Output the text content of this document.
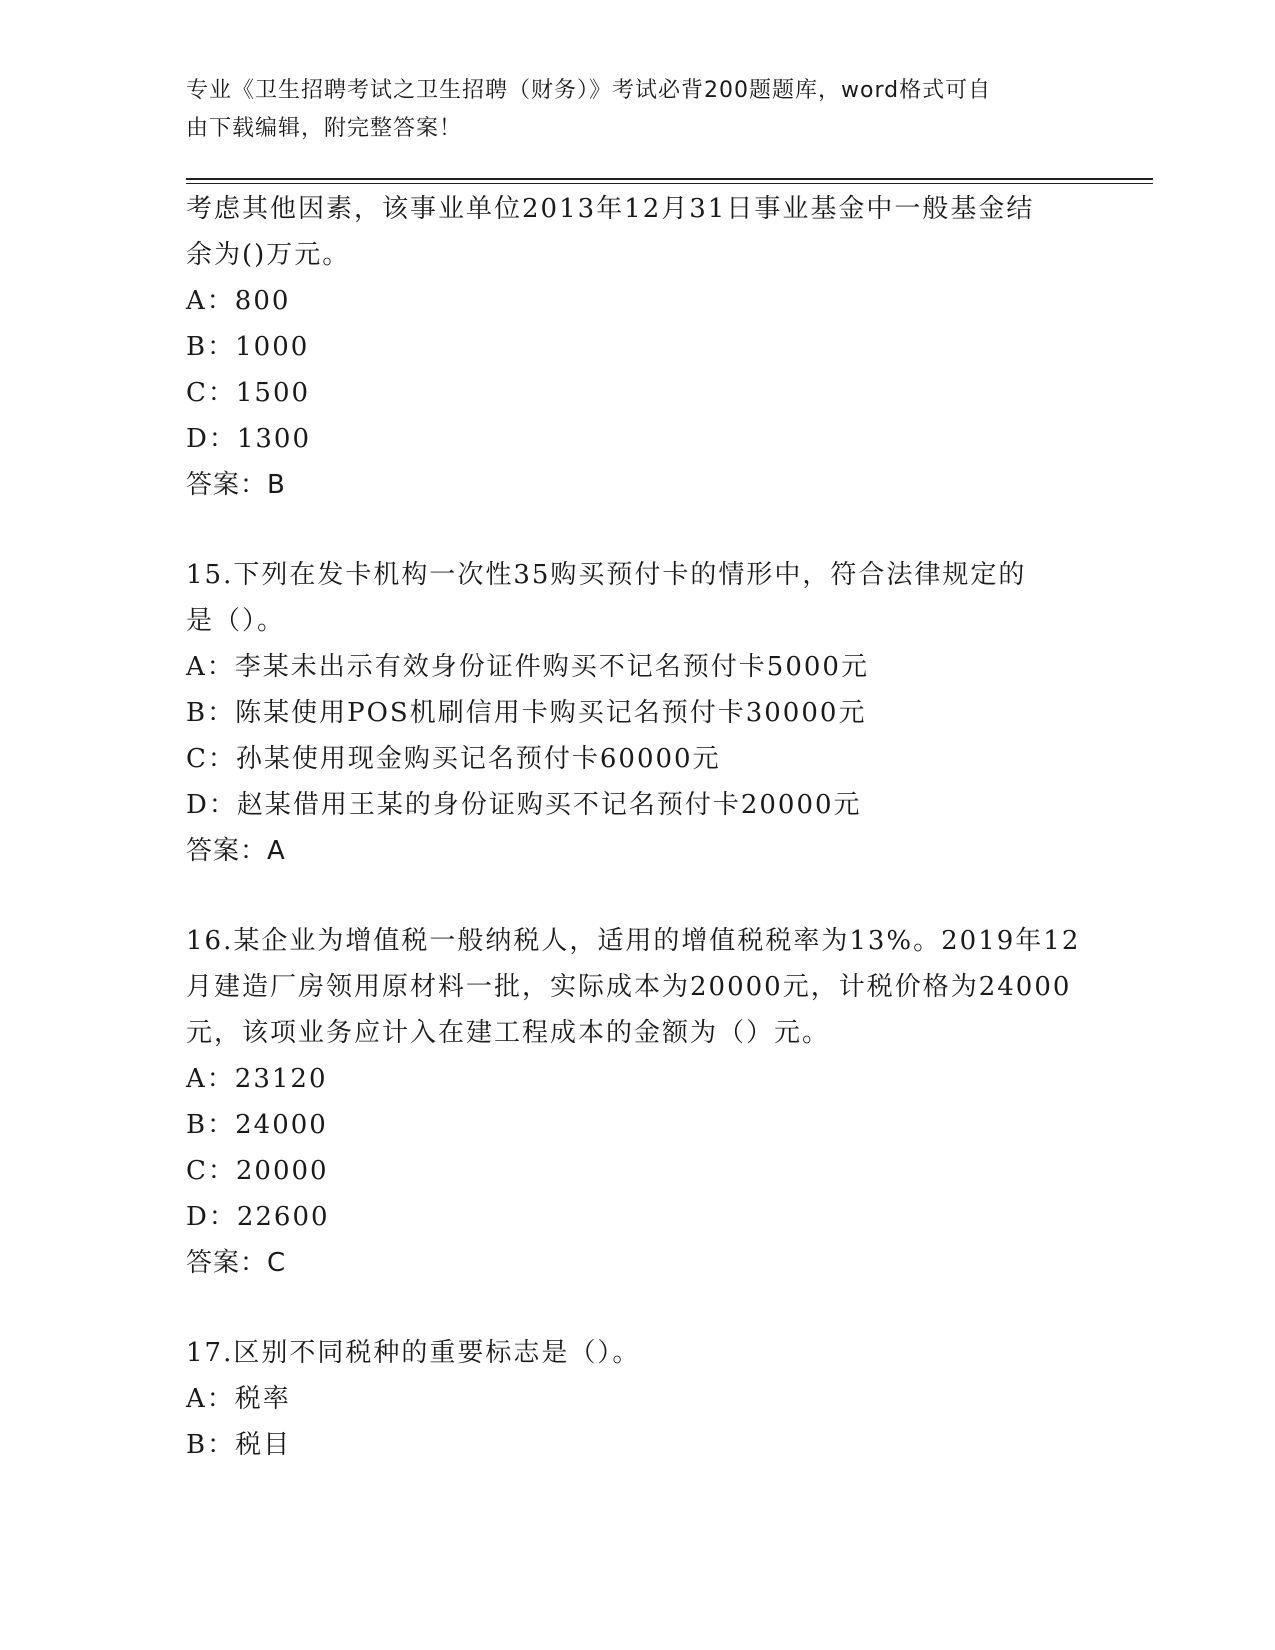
专业《卫生招聘考试之卫生招聘（财务）》考试必背200题题库，word格式可自
由下载编辑，附完整答案！
考虑其他因素，该事业单位2013年12月31日事业基金中一般基金结
余为()万元。
A：800
B：1000
C：1500
D：1300
答案：B
15.下列在发卡机构一次性35购买预付卡的情形中，符合法律规定的
是（）。
A：李某未出示有效身份证件购买不记名预付卡5000元
B：陈某使用POS机刷信用卡购买记名预付卡30000元
C：孙某使用现金购买记名预付卡60000元
D：赵某借用王某的身份证购买不记名预付卡20000元
答案：A
16.某企业为增值税一般纳税人，适用的增值税税率为13%。2019年12
月建造厂房领用原材料一批，实际成本为20000元，计税价格为24000
元，该项业务应计入在建工程成本的金额为（）元。
A：23120
B：24000
C：20000
D：22600
答案：C
17.区别不同税种的重要标志是（）。
A：税率
B：税目
